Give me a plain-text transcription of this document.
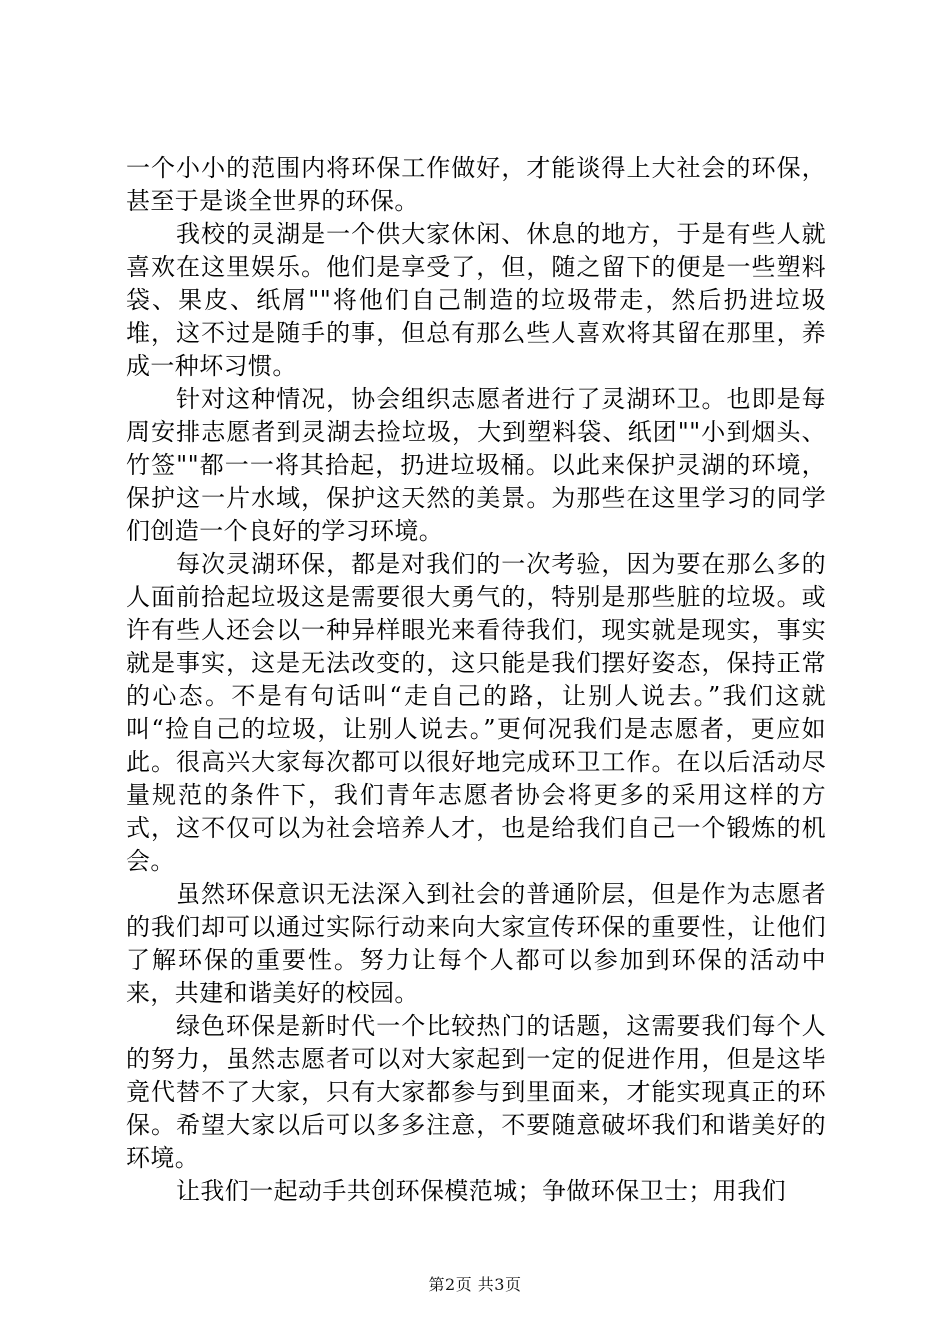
一个小小的范围内将环保工作做好，才能谈得上大社会的环保，甚至于是谈全世界的环保。

我校的灵湖是一个供大家休闲、休息的地方，于是有些人就喜欢在这里娱乐。他们是享受了，但，随之留下的便是一些塑料袋、果皮、纸屑""将他们自己制造的垃圾带走，然后扔进垃圾堆，这不过是随手的事，但总有那么些人喜欢将其留在那里，养成一种坏习惯。

针对这种情况，协会组织志愿者进行了灵湖环卫。也即是每周安排志愿者到灵湖去捡垃圾，大到塑料袋、纸团""小到烟头、竹签""都一一将其拾起，扔进垃圾桶。以此来保护灵湖的环境，保护这一片水域，保护这天然的美景。为那些在这里学习的同学们创造一个良好的学习环境。

每次灵湖环保，都是对我们的一次考验，因为要在那么多的人面前拾起垃圾这是需要很大勇气的，特别是那些脏的垃圾。或许有些人还会以一种异样眼光来看待我们，现实就是现实，事实就是事实，这是无法改变的，这只能是我们摆好姿态，保持正常的心态。不是有句话叫“走自己的路，让别人说去。”我们这就叫“捡自己的垃圾，让别人说去。”更何况我们是志愿者，更应如此。很高兴大家每次都可以很好地完成环卫工作。在以后活动尽量规范的条件下，我们青年志愿者协会将更多的采用这样的方式，这不仅可以为社会培养人才，也是给我们自己一个锻炼的机会。

虽然环保意识无法深入到社会的普通阶层，但是作为志愿者的我们却可以通过实际行动来向大家宣传环保的重要性，让他们了解环保的重要性。努力让每个人都可以参加到环保的活动中来，共建和谐美好的校园。

绿色环保是新时代一个比较热门的话题，这需要我们每个人的努力，虽然志愿者可以对大家起到一定的促进作用，但是这毕竟代替不了大家，只有大家都参与到里面来，才能实现真正的环保。希望大家以后可以多多注意，不要随意破坏我们和谐美好的环境。

让我们一起动手共创环保模范城；争做环保卫士；用我们

第2页 共3页
